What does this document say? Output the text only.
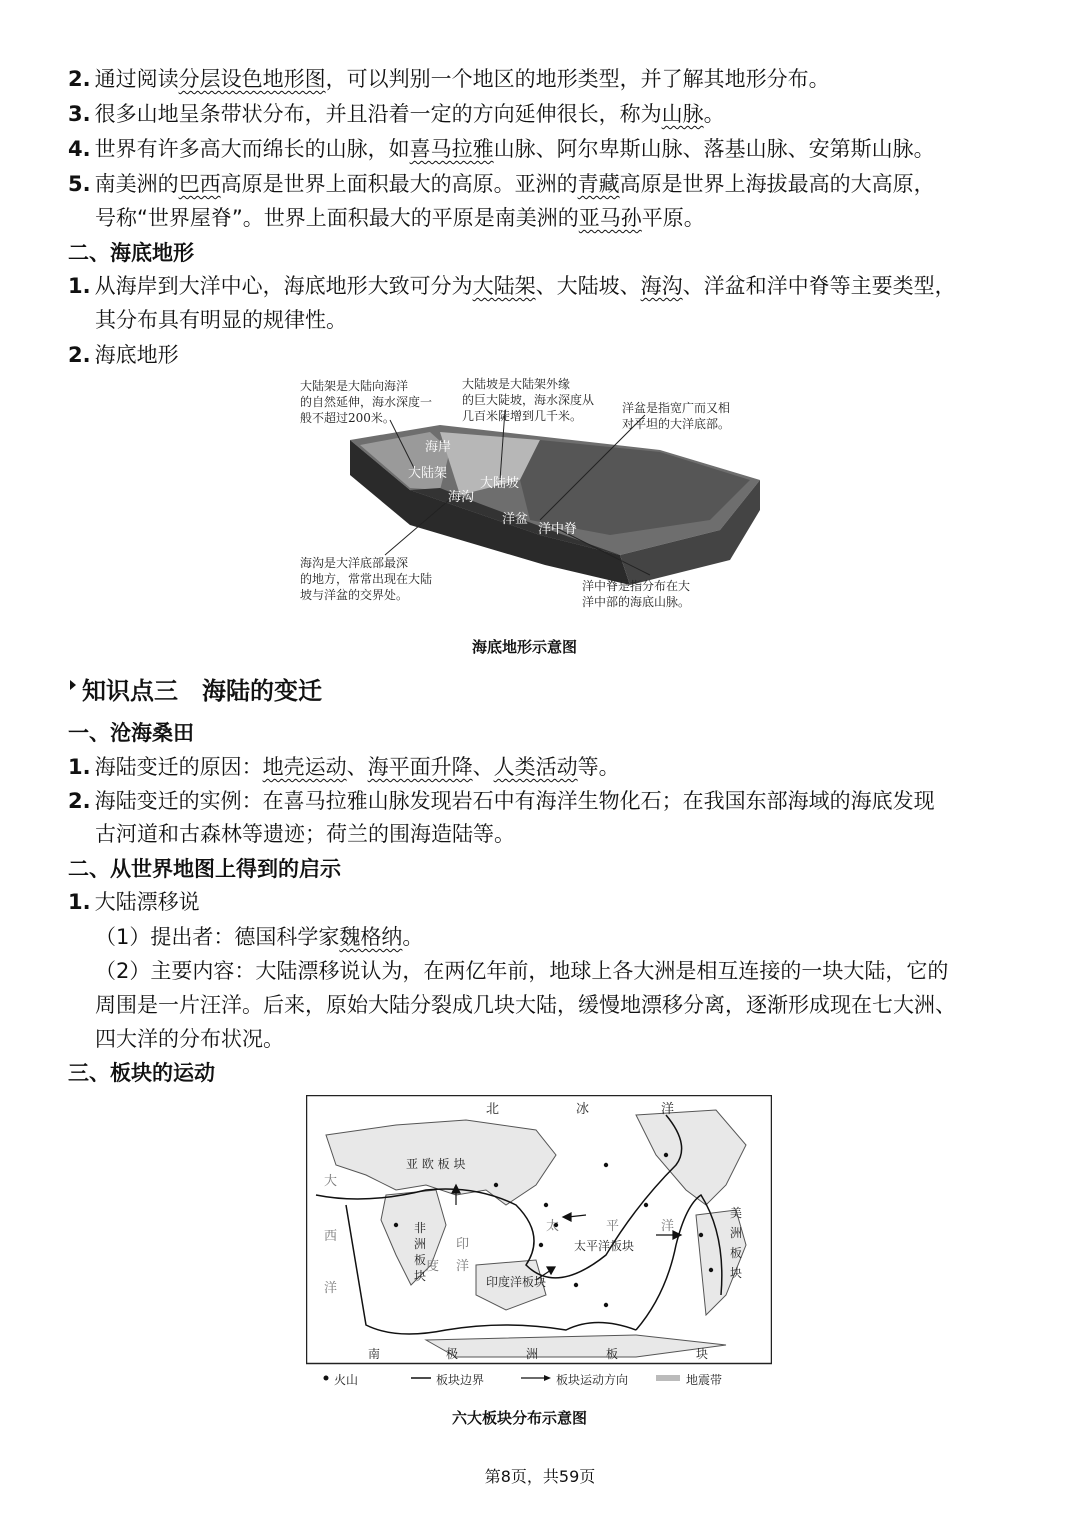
2. 通过阅读分层设色地形图，可以判别一个地区的地形类型，并了解其地形分布。
3. 很多山地呈条带状分布，并且沿着一定的方向延伸很长，称为山脉。
4. 世界有许多高大而绵长的山脉，如喜马拉雅山脉、阿尔卑斯山脉、落基山脉、安第斯山脉。
5. 南美洲的巴西高原是世界上面积最大的高原。亚洲的青藏高原是世界上海拔最高的大高原，
号称“世界屋脊”。世界上面积最大的平原是南美洲的亚马孙平原。
二、海底地形
1. 从海岸到大洋中心，海底地形大致可分为大陆架、大陆坡、海沟、洋盆和洋中脊等主要类型，
其分布具有明显的规律性。
2. 海底地形
大陆架是大陆向海洋
的自然延伸，海水深度一
般不超过200米。
大陆坡是大陆架外缘
的巨大陡坡，海水深度从
几百米陡增到几千米。
洋盆是指宽广而又相
对平坦的大洋底部。
海沟是大洋底部最深
的地方，常常出现在大陆
坡与洋盆的交界处。
洋中脊是指分布在大
洋中部的海底山脉。
海岸
大陆架
大陆坡
海沟
洋盆
洋中脊
海底地形示意图
知识点三　海陆的变迁
一、沧海桑田
1. 海陆变迁的原因：地壳运动、海平面升降、人类活动等。
2. 海陆变迁的实例：在喜马拉雅山脉发现岩石中有海洋生物化石；在我国东部海域的海底发现
古河道和古森林等遗迹；荷兰的围海造陆等。
二、从世界地图上得到的启示
1. 大陆漂移说
（1）提出者：德国科学家魏格纳。
（2）主要内容：大陆漂移说认为，在两亿年前，地球上各大洲是相互连接的一块大陆，它的
周围是一片汪洋。后来，原始大陆分裂成几块大陆，缓慢地漂移分离，逐渐形成现在七大洲、
四大洋的分布状况。
三、板块的运动
北	冰	洋
亚 欧 板 块
非
洲
板
块
太平洋板块
太	平	洋
印度洋板块
美
洲
板
块
大
西
洋
印
度 洋
南	极	洲	板	块
火山	板块边界	板块运动方向	地震带
六大板块分布示意图
第8页，共59页
